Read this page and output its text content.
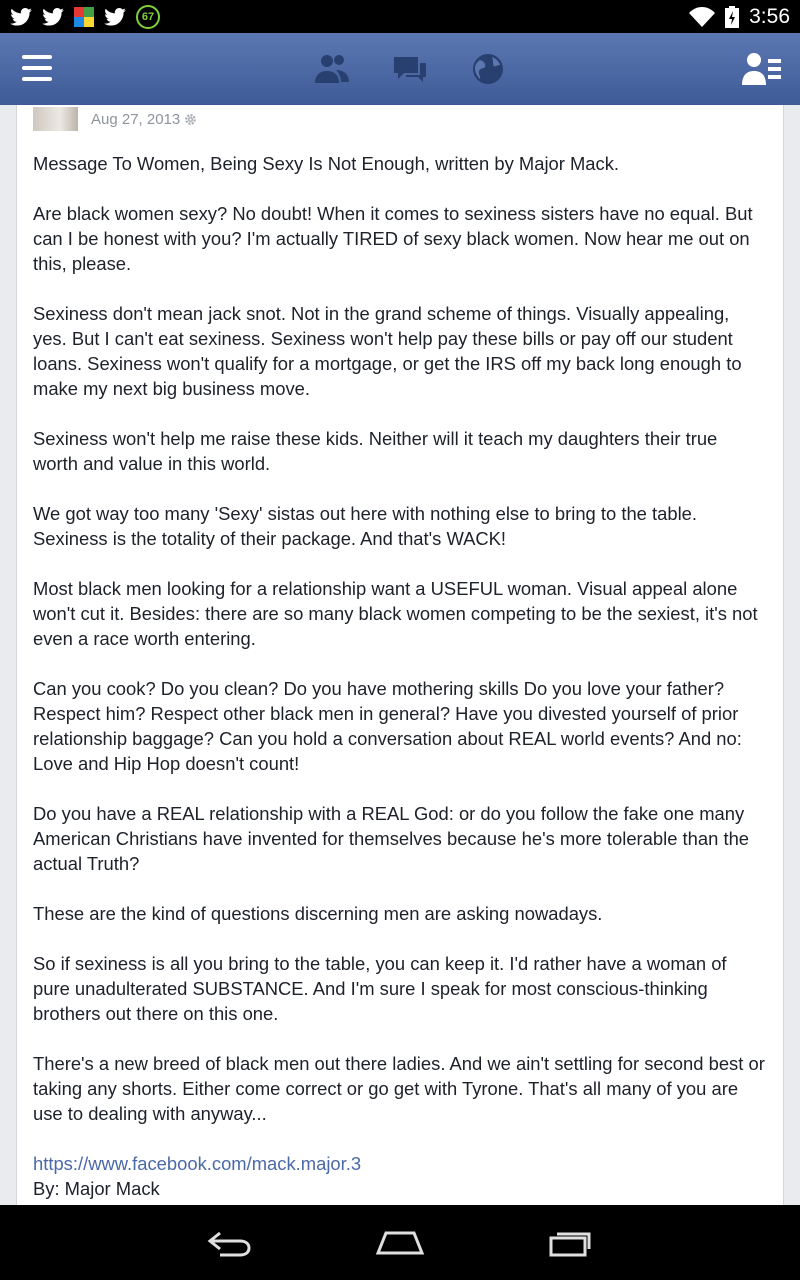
67	3:56
Aug 27, 2013

Message To Women, Being Sexy Is Not Enough, written by Major Mack.

Are black women sexy? No doubt! When it comes to sexiness sisters have no equal. But can I be honest with you? I'm actually TIRED of sexy black women. Now hear me out on this, please.

Sexiness don't mean jack snot. Not in the grand scheme of things. Visually appealing, yes. But I can't eat sexiness. Sexiness won't help pay these bills or pay off our student loans. Sexiness won't qualify for a mortgage, or get the IRS off my back long enough to make my next big business move.

Sexiness won't help me raise these kids. Neither will it teach my daughters their true worth and value in this world.

We got way too many 'Sexy' sistas out here with nothing else to bring to the table. Sexiness is the totality of their package. And that's WACK!

Most black men looking for a relationship want a USEFUL woman. Visual appeal alone won't cut it. Besides: there are so many black women competing to be the sexiest, it's not even a race worth entering.

Can you cook? Do you clean? Do you have mothering skills Do you love your father? Respect him? Respect other black men in general? Have you divested yourself of prior relationship baggage? Can you hold a conversation about REAL world events? And no: Love and Hip Hop doesn't count!

Do you have a REAL relationship with a REAL God: or do you follow the fake one many American Christians have invented for themselves because he's more tolerable than the actual Truth?

These are the kind of questions discerning men are asking nowadays.

So if sexiness is all you bring to the table, you can keep it. I'd rather have a woman of pure unadulterated SUBSTANCE. And I'm sure I speak for most conscious-thinking brothers out there on this one.

There's a new breed of black men out there ladies. And we ain't settling for second best or taking any shorts. Either come correct or go get with Tyrone. That's all many of you are use to dealing with anyway...

https://www.facebook.com/mack.major.3
By: Major Mack
